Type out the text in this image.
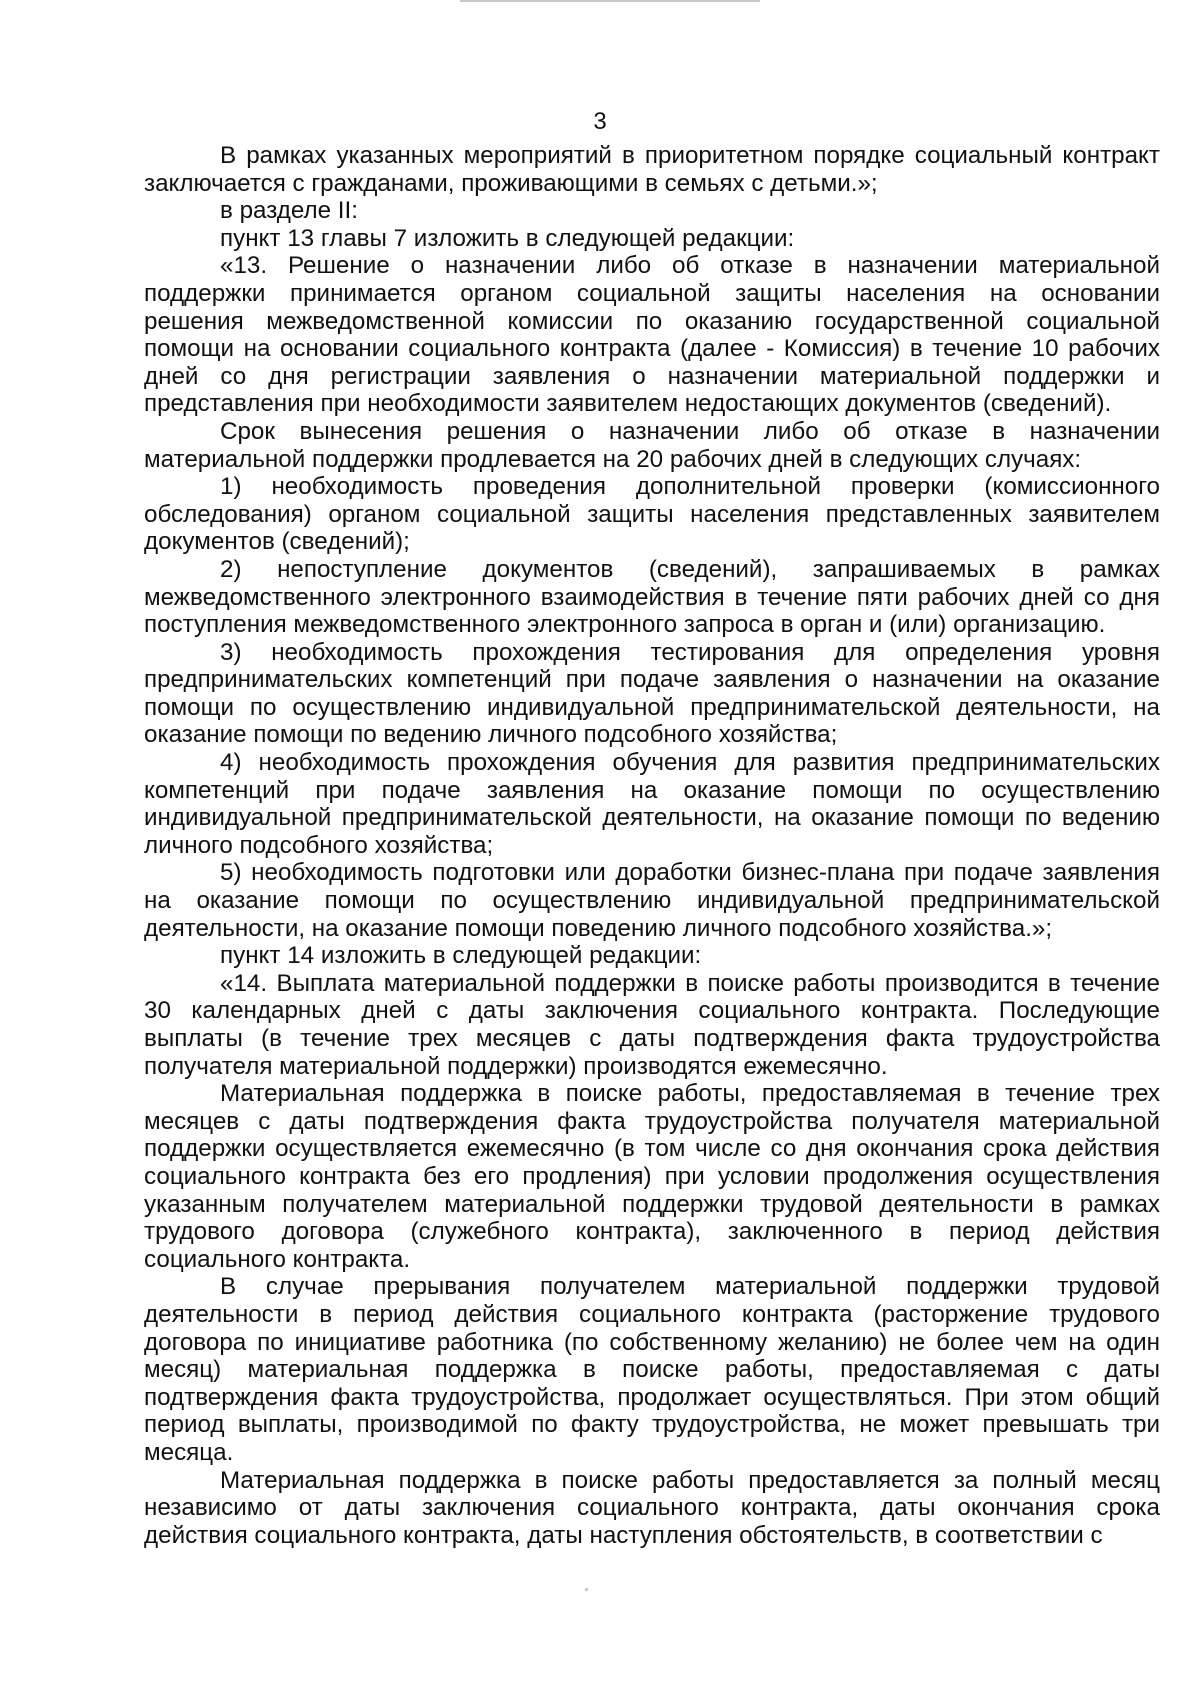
3
В рамках указанных мероприятий в приоритетном порядке социальный контракт
заключается с гражданами, проживающими в семьях с детьми.»;
в разделе II:
пункт 13 главы 7 изложить в следующей редакции:
«13. Решение о назначении либо об отказе в назначении материальной
поддержки принимается органом социальной защиты населения на основании
решения межведомственной комиссии по оказанию государственной социальной
помощи на основании социального контракта (далее - Комиссия) в течение 10 рабочих
дней со дня регистрации заявления о назначении материальной поддержки и
представления при необходимости заявителем недостающих документов (сведений).
Срок вынесения решения о назначении либо об отказе в назначении
материальной поддержки продлевается на 20 рабочих дней в следующих случаях:
1) необходимость проведения дополнительной проверки (комиссионного
обследования) органом социальной защиты населения представленных заявителем
документов (сведений);
2) непоступление документов (сведений), запрашиваемых в рамках
межведомственного электронного взаимодействия в течение пяти рабочих дней со дня
поступления межведомственного электронного запроса в орган и (или) организацию.
3) необходимость прохождения тестирования для определения уровня
предпринимательских компетенций при подаче заявления о назначении на оказание
помощи по осуществлению индивидуальной предпринимательской деятельности, на
оказание помощи по ведению личного подсобного хозяйства;
4) необходимость прохождения обучения для развития предпринимательских
компетенций при подаче заявления на оказание помощи по осуществлению
индивидуальной предпринимательской деятельности, на оказание помощи по ведению
личного подсобного хозяйства;
5) необходимость подготовки или доработки бизнес-плана при подаче заявления
на оказание помощи по осуществлению индивидуальной предпринимательской
деятельности, на оказание помощи поведению личного подсобного хозяйства.»;
пункт 14 изложить в следующей редакции:
«14. Выплата материальной поддержки в поиске работы производится в течение
30 календарных дней с даты заключения социального контракта. Последующие
выплаты (в течение трех месяцев с даты подтверждения факта трудоустройства
получателя материальной поддержки) производятся ежемесячно.
Материальная поддержка в поиске работы, предоставляемая в течение трех
месяцев с даты подтверждения факта трудоустройства получателя материальной
поддержки осуществляется ежемесячно (в том числе со дня окончания срока действия
социального контракта без его продления) при условии продолжения осуществления
указанным получателем материальной поддержки трудовой деятельности в рамках
трудового договора (служебного контракта), заключенного в период действия
социального контракта.
В случае прерывания получателем материальной поддержки трудовой
деятельности в период действия социального контракта (расторжение трудового
договора по инициативе работника (по собственному желанию) не более чем на один
месяц) материальная поддержка в поиске работы, предоставляемая с даты
подтверждения факта трудоустройства, продолжает осуществляться. При этом общий
период выплаты, производимой по факту трудоустройства, не может превышать три
месяца.
Материальная поддержка в поиске работы предоставляется за полный месяц
независимо от даты заключения социального контракта, даты окончания срока
действия социального контракта, даты наступления обстоятельств, в соответствии с
